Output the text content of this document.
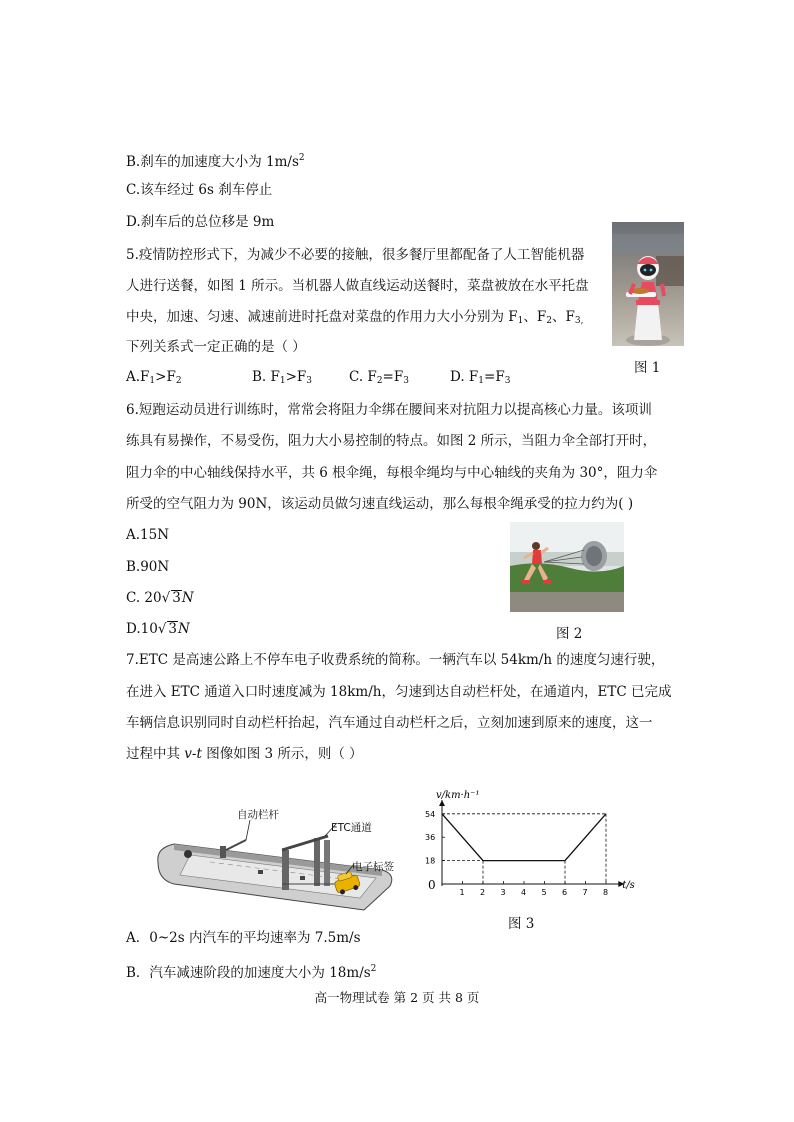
B.刹车的加速度大小为 $1m/s^2$
C.该车经过 6s 刹车停止
D.刹车后的总位移是 9m
5.疫情防控形式下，为减少不必要的接触，很多餐厅里都配备了人工智能机器
人进行送餐，如图 1 所示。当机器人做直线运动送餐时，菜盘被放在水平托盘
中央，加速、匀速、减速前进时托盘对菜盘的作用力大小分别为 $F_1$、$F_2$、$F_{3,}$
下列关系式一定正确的是（ ）
图 1
$A.F_1>F_2$	B. $F_1>F_3$	C. $F_2=F_3$	D. $F_1=F_3$
6.短跑运动员进行训练时，常常会将阻力伞绑在腰间来对抗阻力以提高核心力量。该项训
练具有易操作，不易受伤，阻力大小易控制的特点。如图 2 所示，当阻力伞全部打开时，
阻力伞的中心轴线保持水平，共 6 根伞绳，每根伞绳均与中心轴线的夹角为 30°，阻力伞
所受的空气阻力为 90N，该运动员做匀速直线运动，那么每根伞绳承受的拉力约为( )
A.15N
B.90N
C. 20√ 3N
D.10√ 3N	图 2
7.ETC 是高速公路上不停车电子收费系统的简称。一辆汽车以 54km/h 的速度匀速行驶，
在进入 ETC 通道入口时速度减为 18km/h，匀速到达自动栏杆处，在通道内，ETC 已完成
车辆信息识别同时自动栏杆抬起，汽车通过自动栏杆之后，立刻加速到原来的速度，这一
过程中其 v-t 图像如图 3 所示，则（ ）
自动栏杆
ETC通道
电子标签
0
v/km·h⁻¹
t/s
1 2 3 4 5 6 7 8
54
36
18
图 3
A．0~2s 内汽车的平均速率为 7.5m/s
B．汽车减速阶段的加速度大小为 $18m/s^2$
高一物理试卷 第 2 页 共 8 页
